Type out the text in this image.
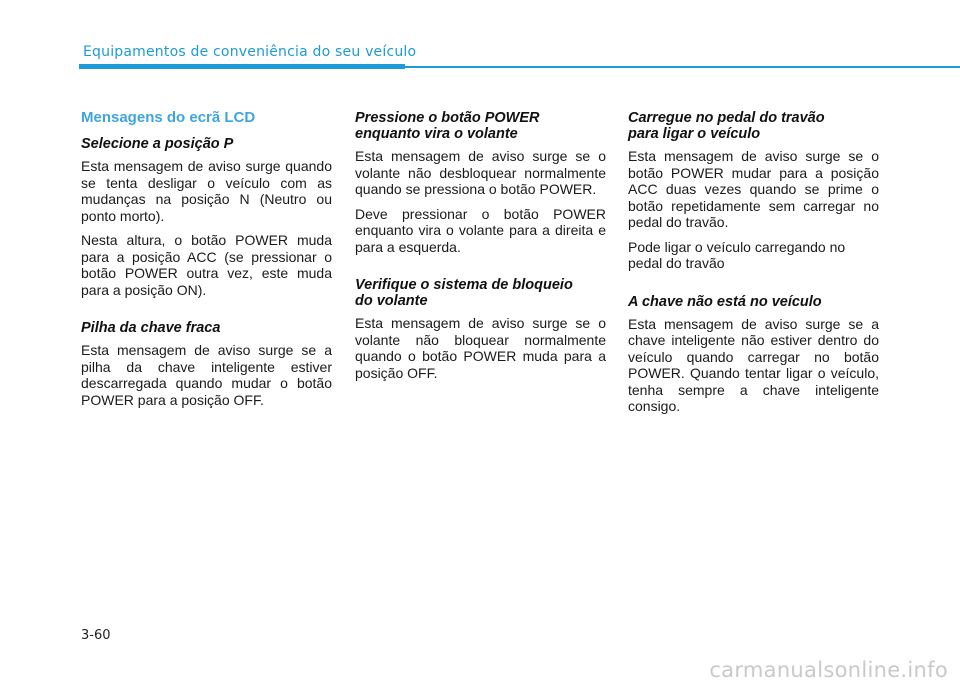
Equipamentos de conveniência do seu veículo
Mensagens do ecrã LCD
Selecione a posição P

Esta mensagem de aviso surge quando se tenta desligar o veículo com as mudanças na posição N (Neutro ou ponto morto).

Nesta altura, o botão POWER muda para a posição ACC (se pressionar o botão POWER outra vez, este muda para a posição ON).

Pilha da chave fraca

Esta mensagem de aviso surge se a pilha da chave inteligente estiver descarregada quando mudar o botão POWER para a posição OFF.

Pressione o botão POWER
enquanto vira o volante

Esta mensagem de aviso surge se o volante não desbloquear normalmente quando se pressiona o botão POWER.

Deve pressionar o botão POWER enquanto vira o volante para a direita e para a esquerda.

Verifique o sistema de bloqueio
do volante

Esta mensagem de aviso surge se o volante não bloquear normalmente quando o botão POWER muda para a posição OFF.

Carregue no pedal do travão
para ligar o veículo

Esta mensagem de aviso surge se o botão POWER mudar para a posição ACC duas vezes quando se prime o botão repetidamente sem carregar no pedal do travão.

Pode ligar o veículo carregando no pedal do travão

A chave não está no veículo

Esta mensagem de aviso surge se a chave inteligente não estiver dentro do veículo quando carregar no botão POWER. Quando tentar ligar o veículo, tenha sempre a chave inteligente consigo.

3-60
carmanualsonline.info
